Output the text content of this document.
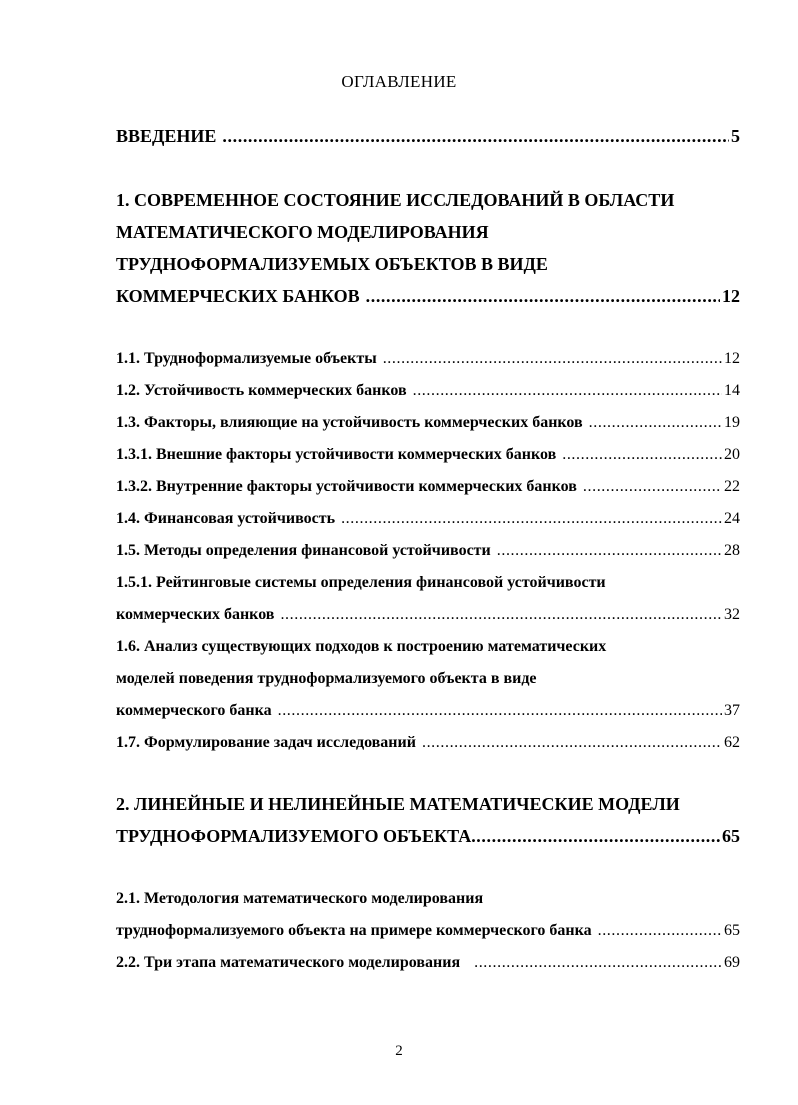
ОГЛАВЛЕНИЕ
ВВЕДЕНИЕ .....	5
1. СОВРЕМЕННОЕ СОСТОЯНИЕ ИССЛЕДОВАНИЙ В ОБЛАСТИ
МАТЕМАТИЧЕСКОГО МОДЕЛИРОВАНИЯ
ТРУДНОФОРМАЛИЗУЕМЫХ ОБЪЕКТОВ В ВИДЕ
КОММЕРЧЕСКИХ БАНКОВ .....	12
1.1. Трудноформализуемые объекты .....	12
1.2. Устойчивость коммерческих банков .....	14
1.3. Факторы, влияющие на устойчивость коммерческих банков .....	19
1.3.1. Внешние факторы устойчивости коммерческих банков .....	20
1.3.2. Внутренние факторы устойчивости коммерческих банков .....	22
1.4. Финансовая устойчивость .....	24
1.5. Методы определения финансовой устойчивости .....	28
1.5.1. Рейтинговые системы определения финансовой устойчивости
коммерческих банков .....	32
1.6. Анализ существующих подходов к построению математических
моделей поведения трудноформализуемого объекта в виде
коммерческого банка .....	37
1.7. Формулирование задач исследований .....	62
2. ЛИНЕЙНЫЕ И НЕЛИНЕЙНЫЕ МАТЕМАТИЧЕСКИЕ МОДЕЛИ
ТРУДНОФОРМАЛИЗУЕМОГО ОБЪЕКТА .....	65
2.1. Методология математического моделирования
трудноформализуемого объекта на примере коммерческого банка .....	65
2.2. Три этапа математического моделирования .....	69
2
